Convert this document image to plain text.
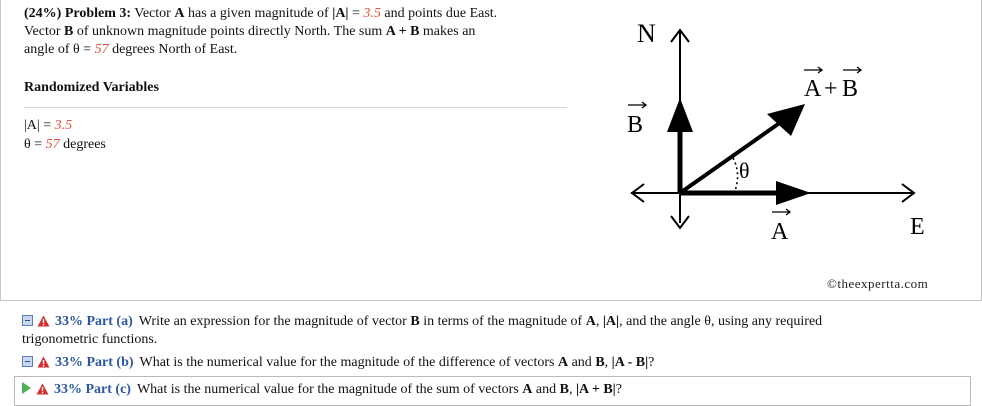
(24%) Problem 3: Vector A has a given magnitude of |A| = 3.5 and points due East.
Vector B of unknown magnitude points directly North. The sum A + B makes an
angle of θ = 57 degrees North of East.
Randomized Variables
|A| = 3.5
θ = 57 degrees
N
E
B
A
θ
A + B
©theexpertta.com
33% Part (a) Write an expression for the magnitude of vector B in terms of the magnitude of A, |A|, and the angle θ, using any required
trigonometric functions.
33% Part (b) What is the numerical value for the magnitude of the difference of vectors A and B, |A - B|?
33% Part (c) What is the numerical value for the magnitude of the sum of vectors A and B, |A + B|?
